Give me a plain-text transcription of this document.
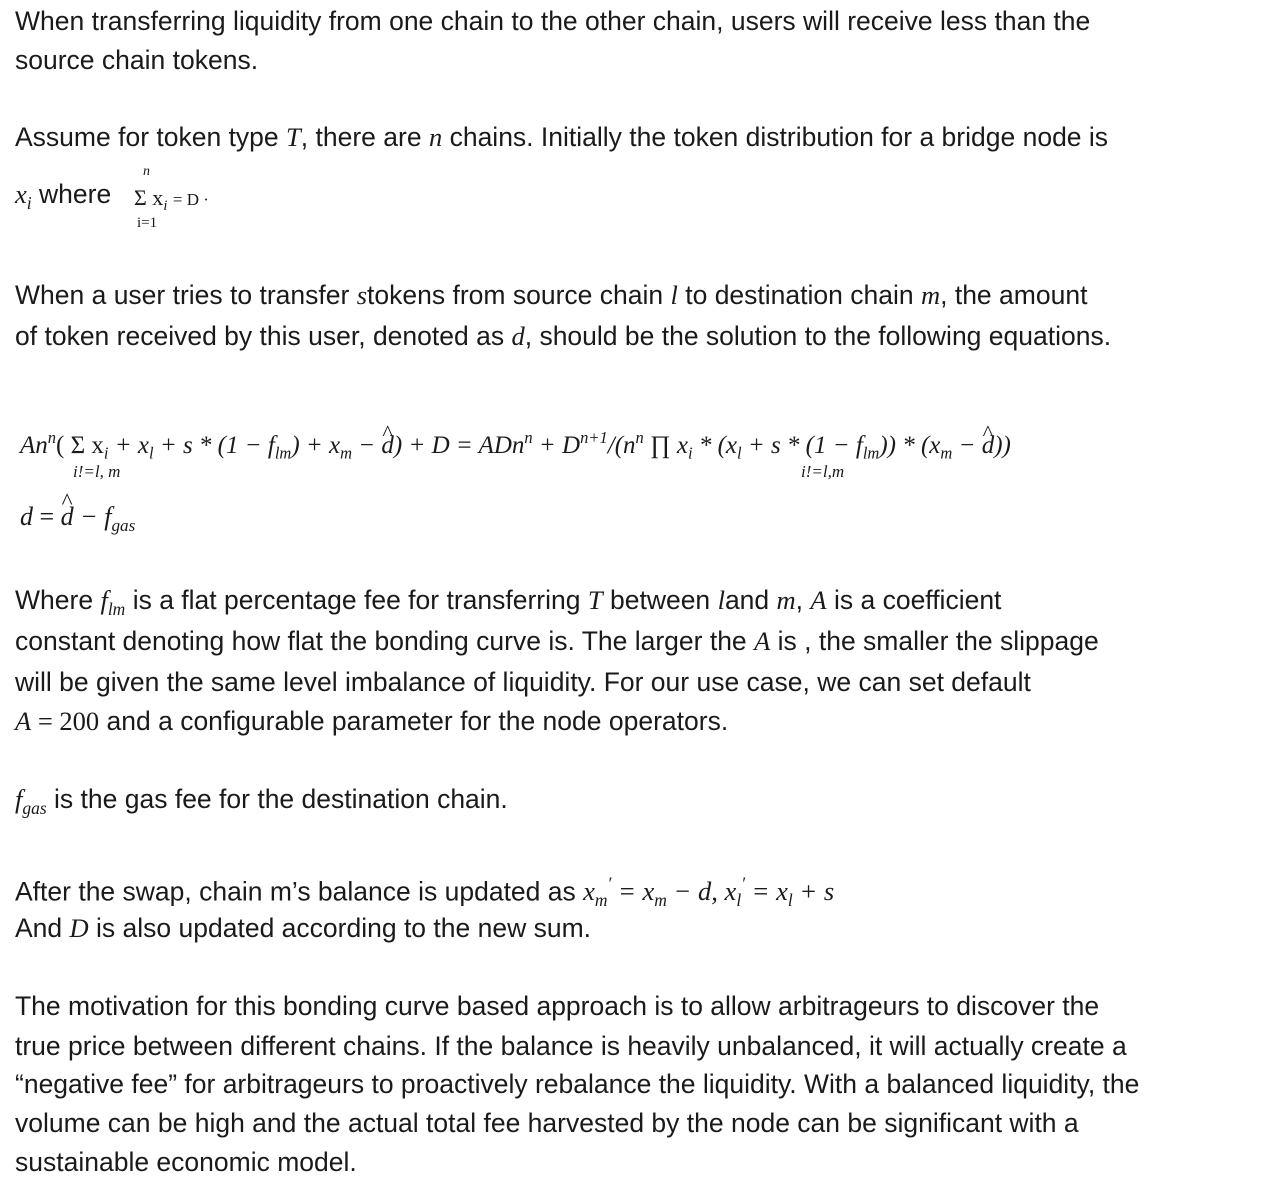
When transferring liquidity from one chain to the other chain, users will receive less than the
source chain tokens.
Assume for token type T, there are n chains. Initially the token distribution for a bridge node is
$x_i$ where
n
Σ $x_i = D$ ·
i=1
When a user tries to transfer stokens from source chain l to destination chain m, the amount
of token received by this user, denoted as d, should be the solution to the following equations.
An$^n$( Σ $x_i + x_l + s * (1 - f_{lm}) + x_m$ − ^ $d) + D = ADn^n + D^{n+1}/(n^n$ ∏ $x_i * (x_l + s * (1 - f_{lm})) * (x_m$ − ^ d))
i!=l, m	i!=l,m
d = ^ $d - f_{gas}$
Where $f_{lm}$ is a flat percentage fee for transferring T between land m, A is a coefficient
constant denoting how flat the bonding curve is. The larger the A is , the smaller the slippage
will be given the same level imbalance of liquidity. For our use case, we can set default
A = 200 and a configurable parameter for the node operators.
$f_{gas}$ is the gas fee for the destination chain.
After the swap, chain m’s balance is updated as $x_m' = x_m - d$, $x_l' = x_l + s$
And D is also updated according to the new sum.
The motivation for this bonding curve based approach is to allow arbitrageurs to discover the
true price between different chains. If the balance is heavily unbalanced, it will actually create a
“negative fee” for arbitrageurs to proactively rebalance the liquidity. With a balanced liquidity, the
volume can be high and the actual total fee harvested by the node can be significant with a
sustainable economic model.
